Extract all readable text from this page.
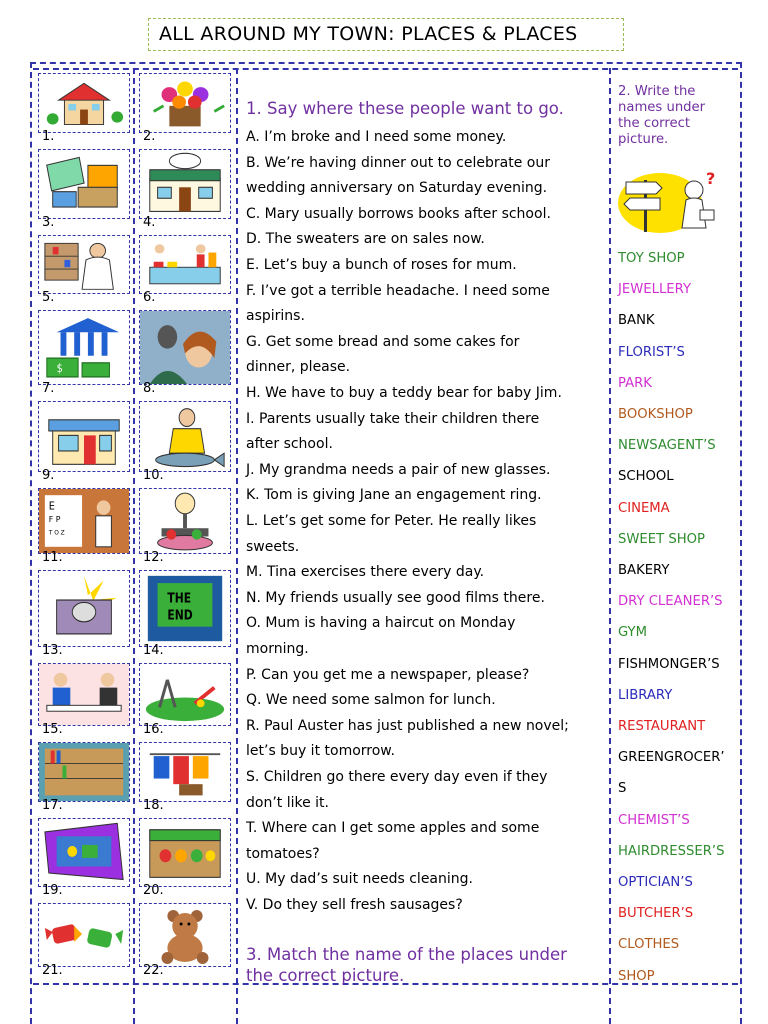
ALL AROUND MY TOWN: PLACES & PLACES
1.	2.
3.	4.
5.	6.
$
7.	8.
9.	10.
E
F P
T O Z
11.	12.
13.
THE
END
14.
15.	16.
17.	18.
19.	20.
21.	22.
1. Say where these people want to go.
A. I’m broke and I need some money.
B. We’re having dinner out to celebrate our
wedding anniversary on Saturday evening.
C. Mary usually borrows books after school.
D. The sweaters are on sales now.
E. Let’s buy a bunch of roses for mum.
F. I’ve got a terrible headache. I need some
aspirins.
G. Get some bread and some cakes for
dinner, please.
H. We have to buy a teddy bear for baby Jim.
I. Parents usually take their children there
after school.
J. My grandma needs a pair of new glasses.
K. Tom is giving Jane an engagement ring.
L. Let’s get some for Peter. He really likes
sweets.
M. Tina exercises there every day.
N. My friends usually see good films there.
O. Mum is having a haircut on Monday
morning.
P. Can you get me a newspaper, please?
Q. We need some salmon for lunch.
R. Paul Auster has just published a new novel;
let’s buy it tomorrow.
S. Children go there every day even if they
don’t like it.
T. Where can I get some apples and some
tomatoes?
U. My dad’s suit needs cleaning.
V. Do they sell fresh sausages?
3. Match the name of the places under
the correct picture.
2. Write the names under the correct picture.
?
TOY SHOP
JEWELLERY
BANK
FLORIST’S
PARK
BOOKSHOP
NEWSAGENT’S
SCHOOL
CINEMA
SWEET SHOP
BAKERY
DRY CLEANER’S
GYM
FISHMONGER’S
LIBRARY
RESTAURANT
GREENGROCER’
S
CHEMIST’S
HAIRDRESSER’S
OPTICIAN’S
BUTCHER’S
CLOTHES
SHOP
